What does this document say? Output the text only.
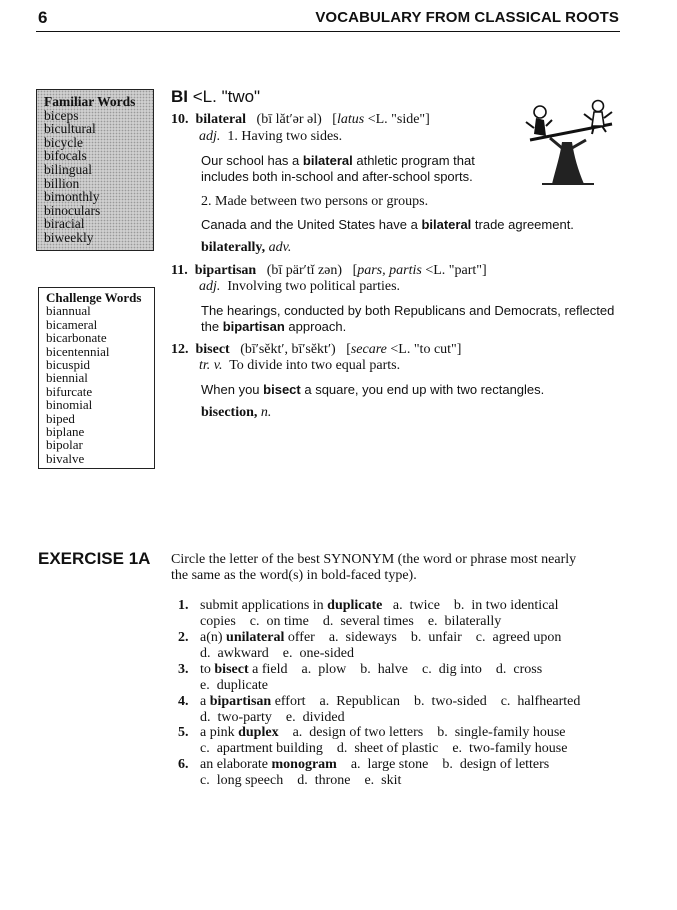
6	VOCABULARY FROM CLASSICAL ROOTS
Familiar Words
biceps
bicultural
bicycle
bifocals
bilingual
billion
bimonthly
binoculars
biracial
biweekly
Challenge Words
biannual
bicameral
bicarbonate
bicentennial
bicuspid
biennial
bifurcate
binomial
biped
biplane
bipolar
bivalve
BI <L. "two"
10. bilateral (bī lăt′ər əl)   [latus <L. "side"]
adj. 1. Having two sides.
Our school has a bilateral athletic program that
includes both in-school and after-school sports.
2. Made between two persons or groups.
Canada and the United States have a bilateral trade agreement.
bilaterally, adv.
11. bipartisan (bī pär′tĭ zən)   [pars, partis <L. "part"]
adj. Involving two political parties.
The hearings, conducted by both Republicans and Democrats, reflected
the bipartisan approach.
12. bisect (bī′sĕkt′, bī′sĕkt′)   [secare <L. "to cut"]
tr. v. To divide into two equal parts.
When you bisect a square, you end up with two rectangles.
bisection, n.
EXERCISE 1A Circle the letter of the best SYNONYM (the word or phrase most nearly
the same as the word(s) in bold-faced type).
1. submit applications in duplicate   a.  twice    b.  in two identical
copies    c.  on time    d.  several times    e.  bilaterally
2. a(n) unilateral offer    a.  sideways    b.  unfair    c.  agreed upon
d.  awkward    e.  one-sided
3. to bisect a field    a.  plow    b.  halve    c.  dig into    d.  cross
e.  duplicate
4. a bipartisan effort    a.  Republican    b.  two-sided    c.  halfhearted
d.  two-party    e.  divided
5. a pink duplex    a.  design of two letters    b.  single-family house
c.  apartment building    d.  sheet of plastic    e.  two-family house
6. an elaborate monogram    a.  large stone    b.  design of letters
c.  long speech    d.  throne    e.  skit
